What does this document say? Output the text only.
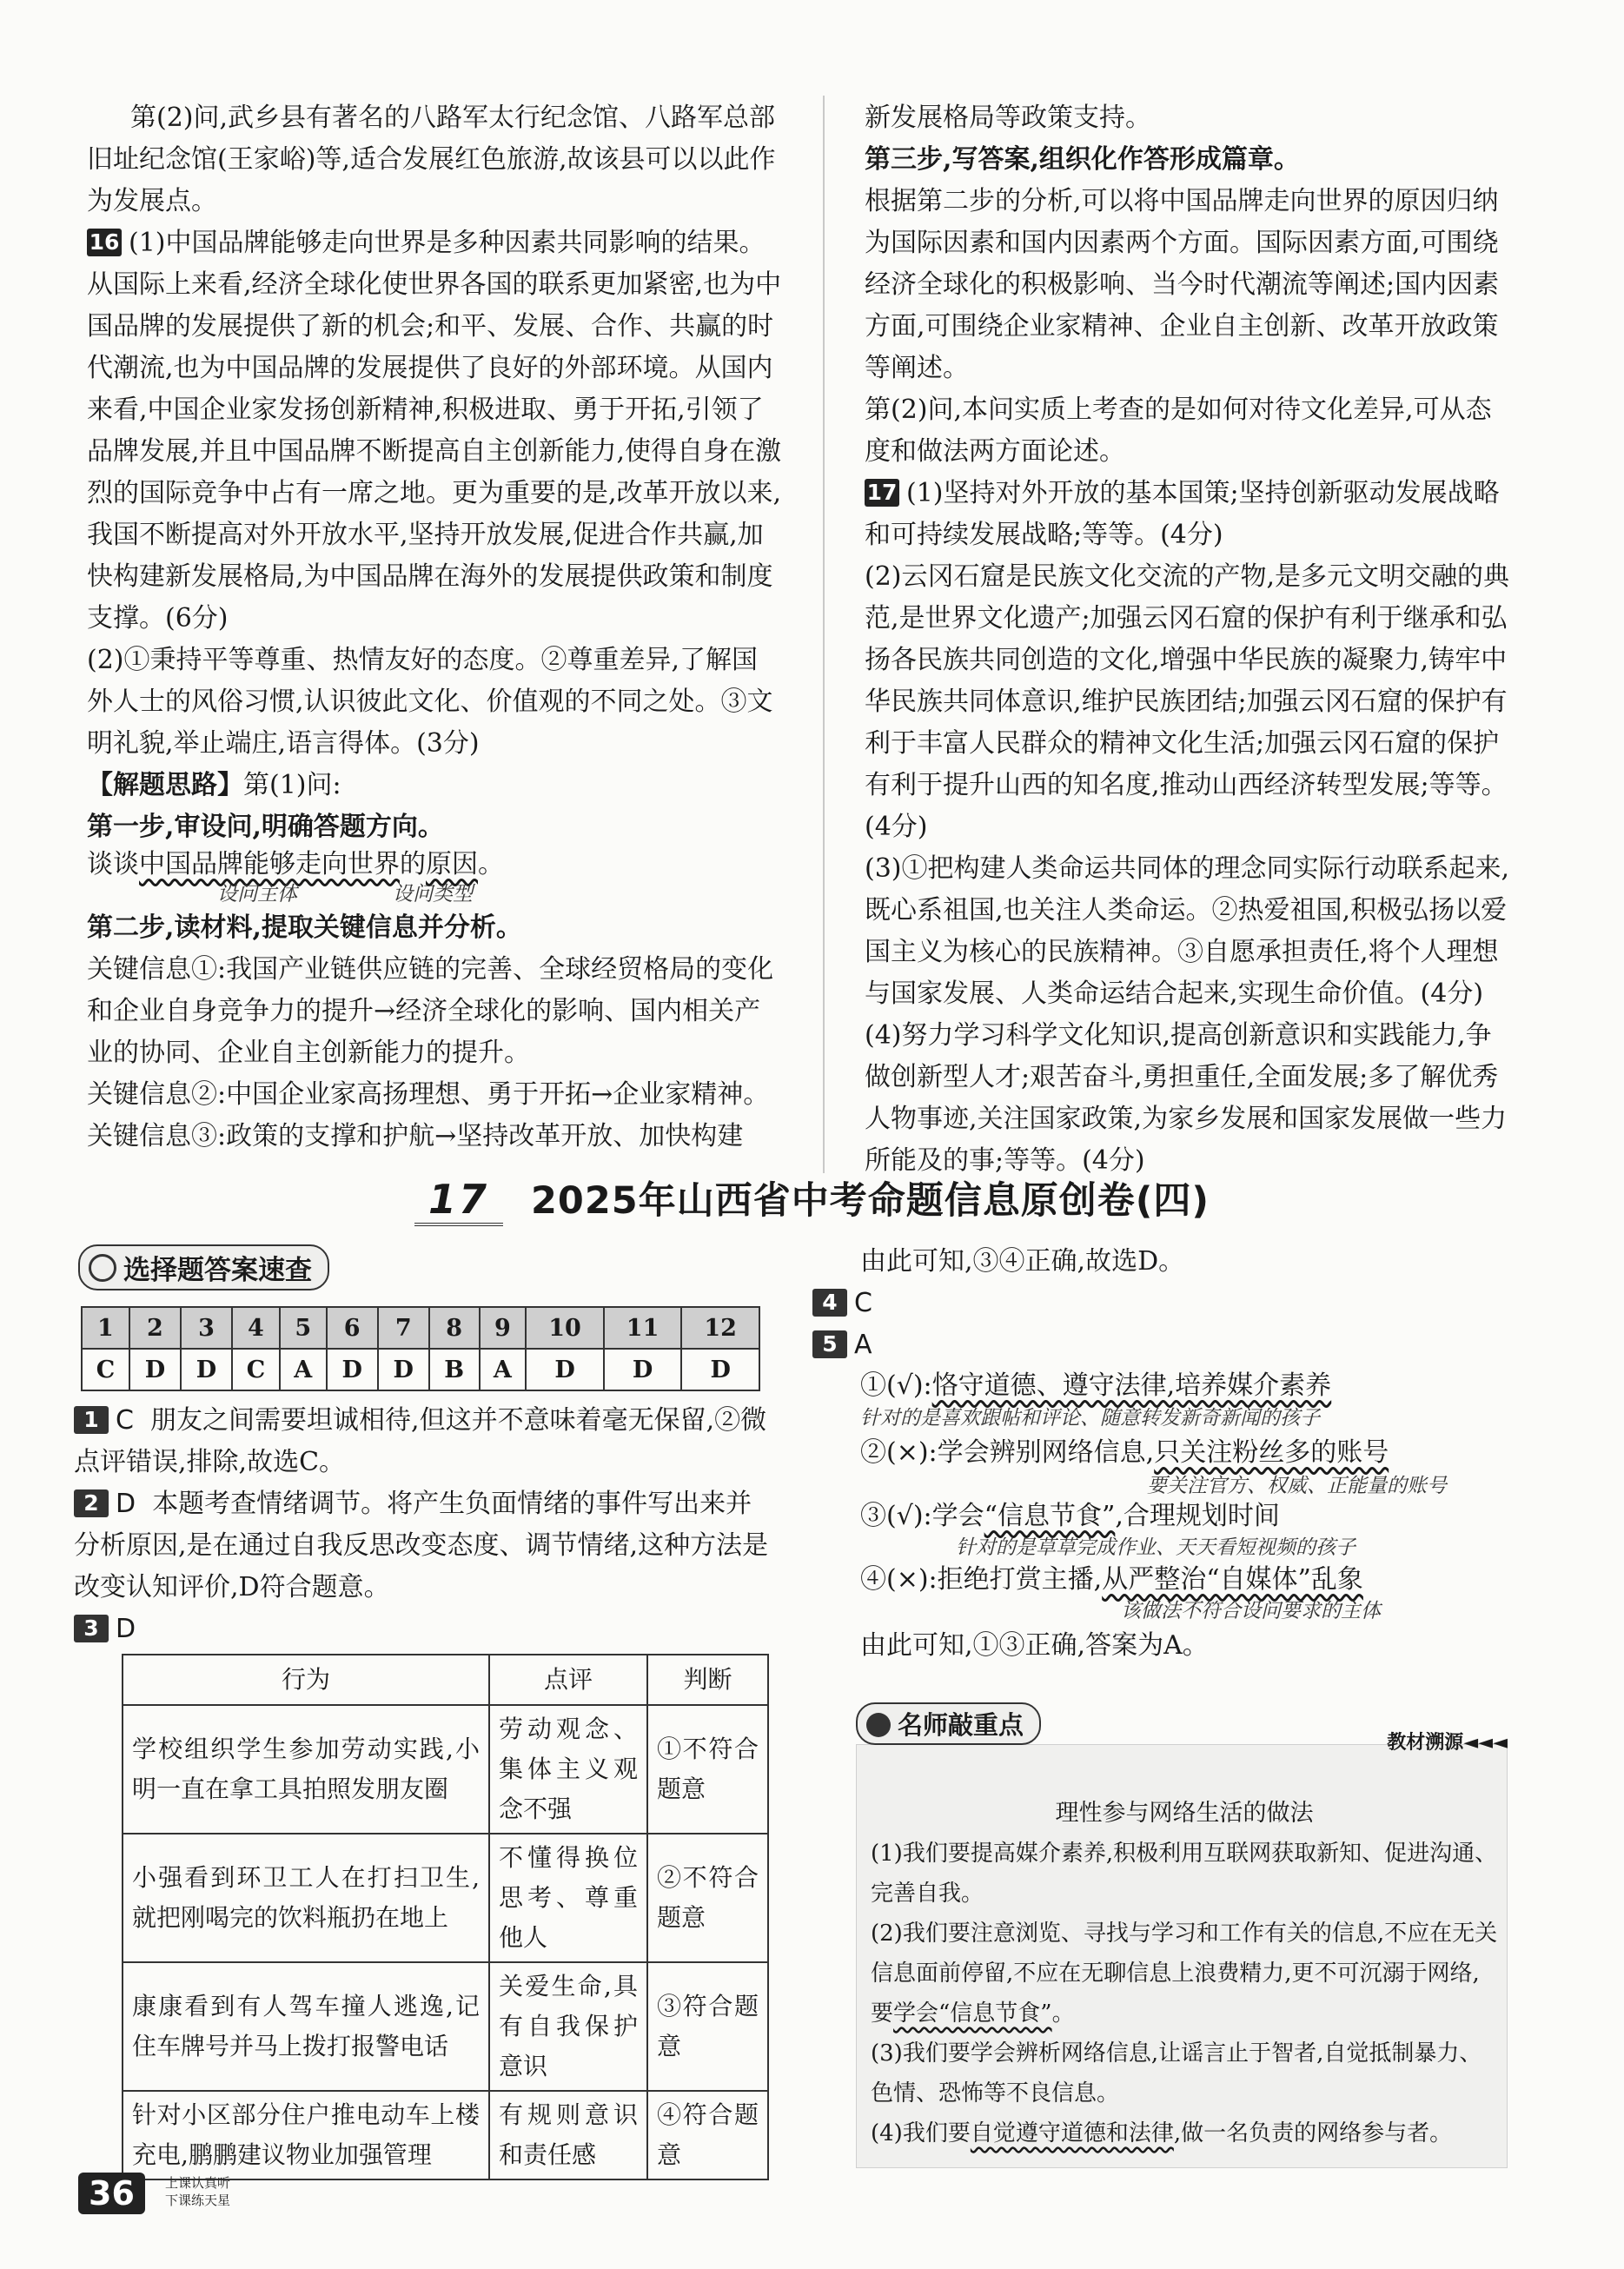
第(2)问,武乡县有著名的八路军太行纪念馆、八路军总部旧址纪念馆(王家峪)等,适合发展红色旅游,故该县可以以此作为发展点。

16 (1)中国品牌能够走向世界是多种因素共同影响的结果。从国际上来看,经济全球化使世界各国的联系更加紧密,也为中国品牌的发展提供了新的机会;和平、发展、合作、共赢的时代潮流,也为中国品牌的发展提供了良好的外部环境。从国内来看,中国企业家发扬创新精神,积极进取、勇于开拓,引领了品牌发展,并且中国品牌不断提高自主创新能力,使得自身在激烈的国际竞争中占有一席之地。更为重要的是,改革开放以来,我国不断提高对外开放水平,坚持开放发展,促进合作共赢,加快构建新发展格局,为中国品牌在海外的发展提供政策和制度支撑。(6分)

(2)①秉持平等尊重、热情友好的态度。②尊重差异,了解国外人士的风俗习惯,认识彼此文化、价值观的不同之处。③文明礼貌,举止端庄,语言得体。(3分)

【解题思路】第(1)问:

第一步,审设问,明确答题方向。

谈谈中国品牌能够走向世界的原因。

设问主体	设问类型

第二步,读材料,提取关键信息并分析。

关键信息①:我国产业链供应链的完善、全球经贸格局的变化和企业自身竞争力的提升→经济全球化的影响、国内相关产业的协同、企业自主创新能力的提升。

关键信息②:中国企业家高扬理想、勇于开拓→企业家精神。

关键信息③:政策的支撑和护航→坚持改革开放、加快构建

新发展格局等政策支持。

第三步,写答案,组织化作答形成篇章。

根据第二步的分析,可以将中国品牌走向世界的原因归纳为国际因素和国内因素两个方面。国际因素方面,可围绕经济全球化的积极影响、当今时代潮流等阐述;国内因素方面,可围绕企业家精神、企业自主创新、改革开放政策等阐述。

第(2)问,本问实质上考查的是如何对待文化差异,可从态度和做法两方面论述。

17 (1)坚持对外开放的基本国策;坚持创新驱动发展战略和可持续发展战略;等等。(4分)

(2)云冈石窟是民族文化交流的产物,是多元文明交融的典范,是世界文化遗产;加强云冈石窟的保护有利于继承和弘扬各民族共同创造的文化,增强中华民族的凝聚力,铸牢中华民族共同体意识,维护民族团结;加强云冈石窟的保护有利于丰富人民群众的精神文化生活;加强云冈石窟的保护有利于提升山西的知名度,推动山西经济转型发展;等等。(4分)

(3)①把构建人类命运共同体的理念同实际行动联系起来,既心系祖国,也关注人类命运。②热爱祖国,积极弘扬以爱国主义为核心的民族精神。③自愿承担责任,将个人理想与国家发展、人类命运结合起来,实现生命价值。(4分)

(4)努力学习科学文化知识,提高创新意识和实践能力,争做创新型人才;艰苦奋斗,勇担重任,全面发展;多了解优秀人物事迹,关注国家政策,为家乡发展和国家发展做一些力所能及的事;等等。(4分)

17 2025年山西省中考命题信息原创卷(四)
选择题答案速查
1	2	3	4	5	6	7	8	9	10	11	12
C	D	D	C	A	D	D	B	A	D	D	D

1 C 朋友之间需要坦诚相待,但这并不意味着毫无保留,②微点评错误,排除,故选C。

2 D 本题考查情绪调节。将产生负面情绪的事件写出来并分析原因,是在通过自我反思改变态度、调节情绪,这种方法是改变认知评价,D符合题意。

3 D

行为	点评	判断
学校组织学生参加劳动实践,小明一直在拿工具拍照发朋友圈	劳动观念、集体主义观念不强	①不符合题意
小强看到环卫工人在打扫卫生,就把刚喝完的饮料瓶扔在地上	不懂得换位思考、尊重他人	②不符合题意
康康看到有人驾车撞人逃逸,记住车牌号并马上拨打报警电话	关爱生命,具有自我保护意识	③符合题意
针对小区部分住户推电动车上楼充电,鹏鹏建议物业加强管理	有规则意识和责任感	④符合题意

由此可知,③④正确,故选D。

4 C

5 A

①(√):恪守道德、遵守法律,培养媒介素养

针对的是喜欢跟帖和评论、随意转发新奇新闻的孩子

②(×):学会辨别网络信息,只关注粉丝多的账号

要关注官方、权威、正能量的账号

③(√):学会“信息节食”,合理规划时间

针对的是草草完成作业、天天看短视频的孩子

④(×):拒绝打赏主播,从严整治“自媒体”乱象

该做法不符合设问要求的主体

由此可知,①③正确,答案为A。

名师敲重点
教材溯源◄◄◄
理性参与网络生活的做法
(1)我们要提高媒介素养,积极利用互联网获取新知、促进沟通、完善自我。
(2)我们要注意浏览、寻找与学习和工作有关的信息,不应在无关信息面前停留,不应在无聊信息上浪费精力,更不可沉溺于网络,要学会“信息节食”。
(3)我们要学会辨析网络信息,让谣言止于智者,自觉抵制暴力、色情、恐怖等不良信息。
(4)我们要自觉遵守道德和法律,做一名负责的网络参与者。
36	上课认真听
下课练天星
